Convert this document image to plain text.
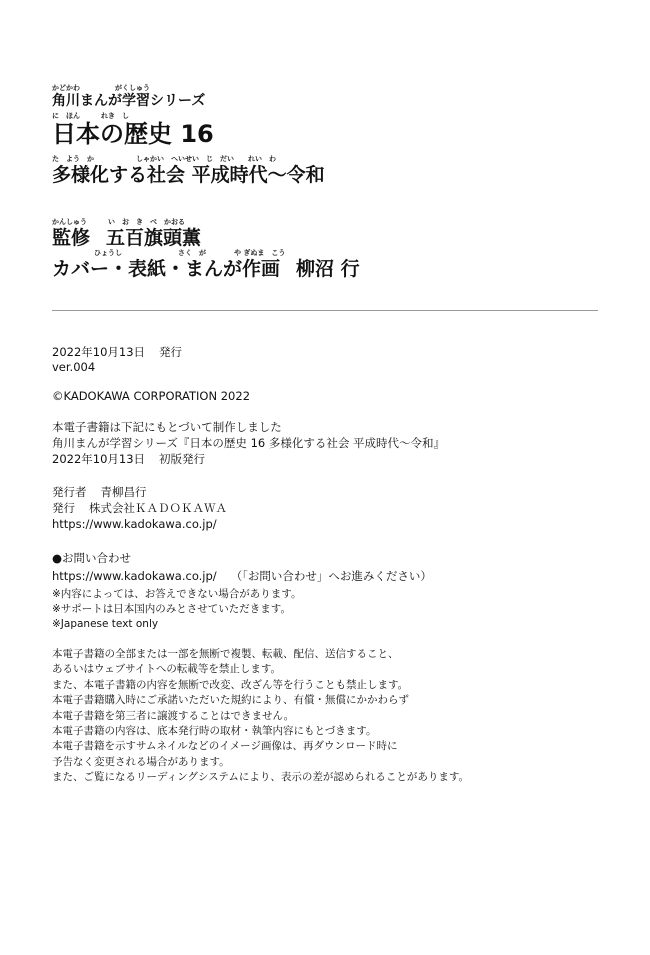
かどかわ　　　　　がくしゅう
角川まんが学習シリーズ
に　ほん　　　れき　し
日本の歴史 16
た　よう　か　　　　　　しゃかい　へいせい　じ　だい　　れい　わ
多様化する社会 平成時代〜令和
かんしゅう　　　い　お　き　べ　かおる
監修 五百旗頭薫
　　　　　　ひょうし　　　　　　　　さく　が　　　　や ぎぬま　こう
カバー・表紙・まんが作画 柳沼 行
2022年10月13日 発行
ver.004
©KADOKAWA CORPORATION 2022
本電子書籍は下記にもとづいて制作しました
角川まんが学習シリーズ『日本の歴史 16 多様化する社会 平成時代〜令和』
2022年10月13日 初版発行
発行者 青柳昌行
発行 株式会社ＫＡＤＯＫＡＷＡ
https://www.kadokawa.co.jp/
●お問い合わせ
https://www.kadokawa.co.jp/ （「お問い合わせ」へお進みください）
※内容によっては、お答えできない場合があります。
※サポートは日本国内のみとさせていただきます。
※Japanese text only
本電子書籍の全部または一部を無断で複製、転載、配信、送信すること、
あるいはウェブサイトへの転載等を禁止します。
また、本電子書籍の内容を無断で改変、改ざん等を行うことも禁止します。
本電子書籍購入時にご承諾いただいた規約により、有償・無償にかかわらず
本電子書籍を第三者に譲渡することはできません。
本電子書籍の内容は、底本発行時の取材・執筆内容にもとづきます。
本電子書籍を示すサムネイルなどのイメージ画像は、再ダウンロード時に
予告なく変更される場合があります。
また、ご覧になるリーディングシステムにより、表示の差が認められることがあります。
